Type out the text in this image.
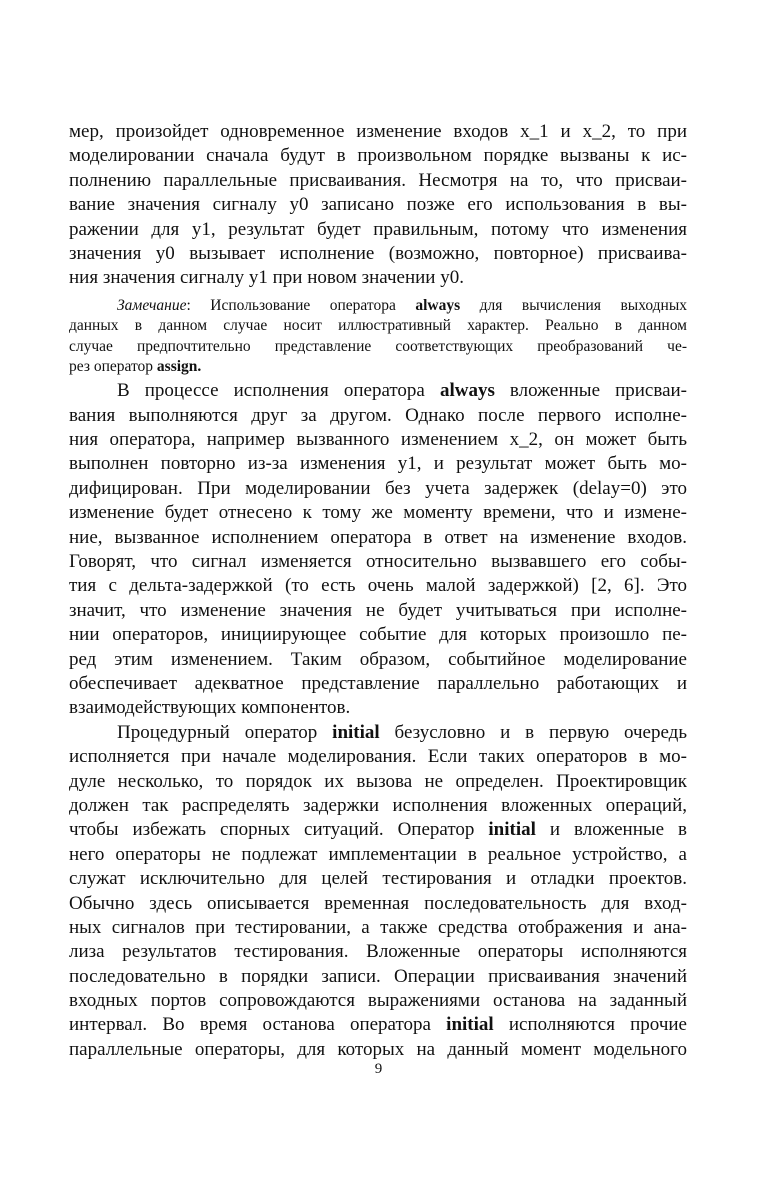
мер, произойдет одновременное изменение входов x_1 и x_2, то при
моделировании сначала будут в произвольном порядке вызваны к ис-
полнению параллельные присваивания. Несмотря на то, что присваи-
вание значения сигналу y0 записано позже его использования в вы-
ражении для y1, результат будет правильным, потому что изменения
значения y0 вызывает исполнение (возможно, повторное) присваива-
ния значения сигналу y1 при новом значении y0.
Замечание: Использование оператора always для вычисления выходных
данных в данном случае носит иллюстративный характер. Реально в данном
случае предпочтительно представление соответствующих преобразований че-
рез оператор assign.
В процессе исполнения оператора always вложенные присваи-
вания выполняются друг за другом. Однако после первого исполне-
ния оператора, например вызванного изменением x_2, он может быть
выполнен повторно из-за изменения y1, и результат может быть мо-
дифицирован. При моделировании без учета задержек (delay=0) это
изменение будет отнесено к тому же моменту времени, что и измене-
ние, вызванное исполнением оператора в ответ на изменение входов.
Говорят, что сигнал изменяется относительно вызвавшего его собы-
тия с дельта-задержкой (то есть очень малой задержкой) [2, 6]. Это
значит, что изменение значения не будет учитываться при исполне-
нии операторов, инициирующее событие для которых произошло пе-
ред этим изменением. Таким образом, событийное моделирование
обеспечивает адекватное представление параллельно работающих и
взаимодействующих компонентов.
Процедурный оператор initial безусловно и в первую очередь
исполняется при начале моделирования. Если таких операторов в мо-
дуле несколько, то порядок их вызова не определен. Проектировщик
должен так распределять задержки исполнения вложенных операций,
чтобы избежать спорных ситуаций. Оператор initial и вложенные в
него операторы не подлежат имплементации в реальное устройство, а
служат исключительно для целей тестирования и отладки проектов.
Обычно здесь описывается временная последовательность для вход-
ных сигналов при тестировании, а также средства отображения и ана-
лиза результатов тестирования. Вложенные операторы исполняются
последовательно в порядки записи. Операции присваивания значений
входных портов сопровождаются выражениями останова на заданный
интервал. Во время останова оператора initial исполняются прочие
параллельные операторы, для которых на данный момент модельного
9
